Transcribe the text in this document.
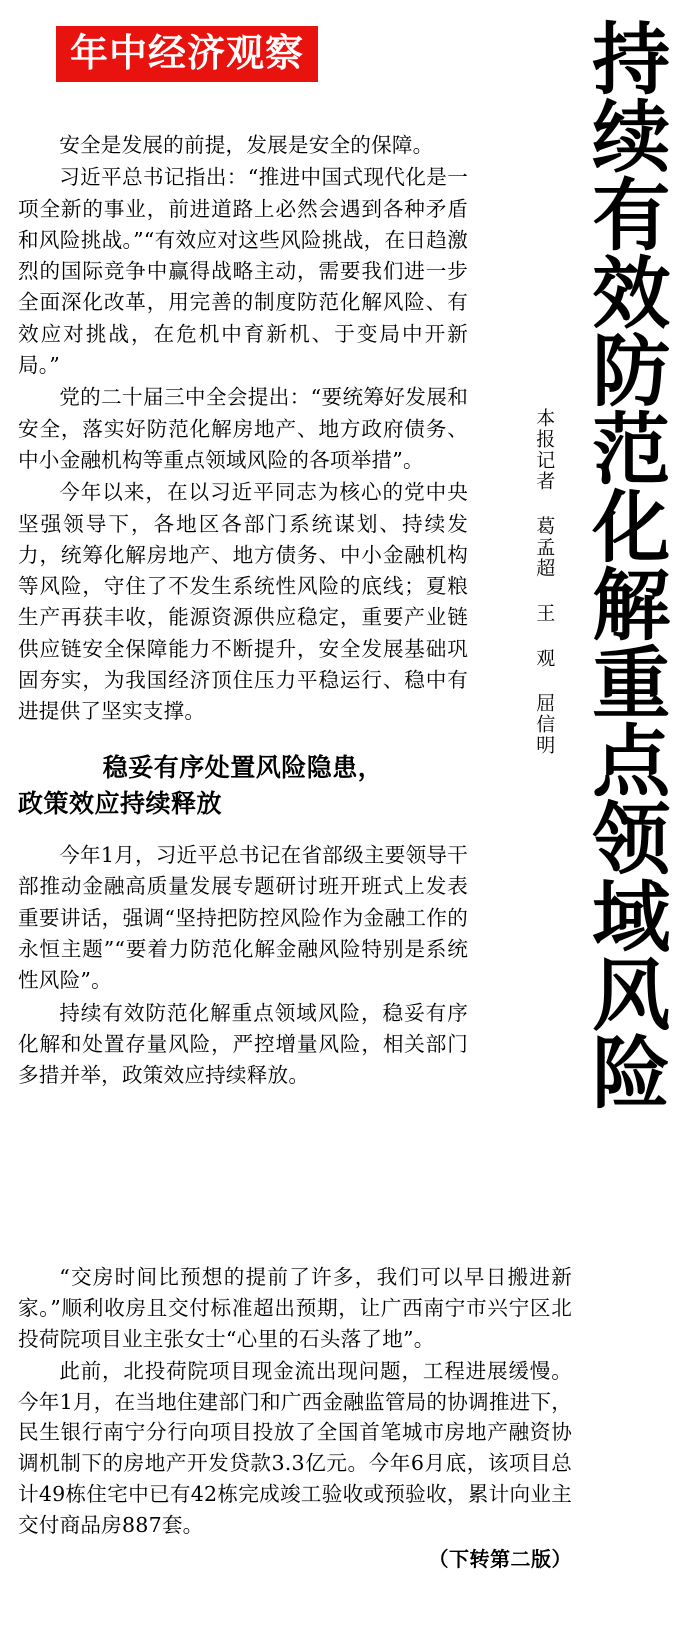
年中经济观察	持续有效防范化解重点领域风险
本报记者 葛孟超 王 观 屈信明

安全是发展的前提，发展是安全的保障。

习近平总书记指出：“推进中国式现代化是一项全新的事业，前进道路上必然会遇到各种矛盾和风险挑战。”“有效应对这些风险挑战，在日趋激烈的国际竞争中赢得战略主动，需要我们进一步全面深化改革，用完善的制度防范化解风险、有效应对挑战，在危机中育新机、于变局中开新局。”

党的二十届三中全会提出：“要统筹好发展和安全，落实好防范化解房地产、地方政府债务、中小金融机构等重点领域风险的各项举措”。

今年以来，在以习近平同志为核心的党中央坚强领导下，各地区各部门系统谋划、持续发力，统筹化解房地产、地方债务、中小金融机构等风险，守住了不发生系统性风险的底线；夏粮生产再获丰收，能源资源供应稳定，重要产业链供应链安全保障能力不断提升，安全发展基础巩固夯实，为我国经济顶住压力平稳运行、稳中有进提供了坚实支撑。

稳妥有序处置风险隐患，
政策效应持续释放

今年1月，习近平总书记在省部级主要领导干部推动金融高质量发展专题研讨班开班式上发表重要讲话，强调“坚持把防控风险作为金融工作的永恒主题”“要着力防范化解金融风险特别是系统性风险”。

持续有效防范化解重点领域风险，稳妥有序化解和处置存量风险，严控增量风险，相关部门多措并举，政策效应持续释放。

“交房时间比预想的提前了许多，我们可以早日搬进新家。”顺利收房且交付标准超出预期，让广西南宁市兴宁区北投荷院项目业主张女士“心里的石头落了地”。

此前，北投荷院项目现金流出现问题，工程进展缓慢。今年1月，在当地住建部门和广西金融监管局的协调推进下，民生银行南宁分行向项目投放了全国首笔城市房地产融资协调机制下的房地产开发贷款3.3亿元。今年6月底，该项目总计49栋住宅中已有42栋完成竣工验收或预验收，累计向业主交付商品房887套。

（下转第二版）
